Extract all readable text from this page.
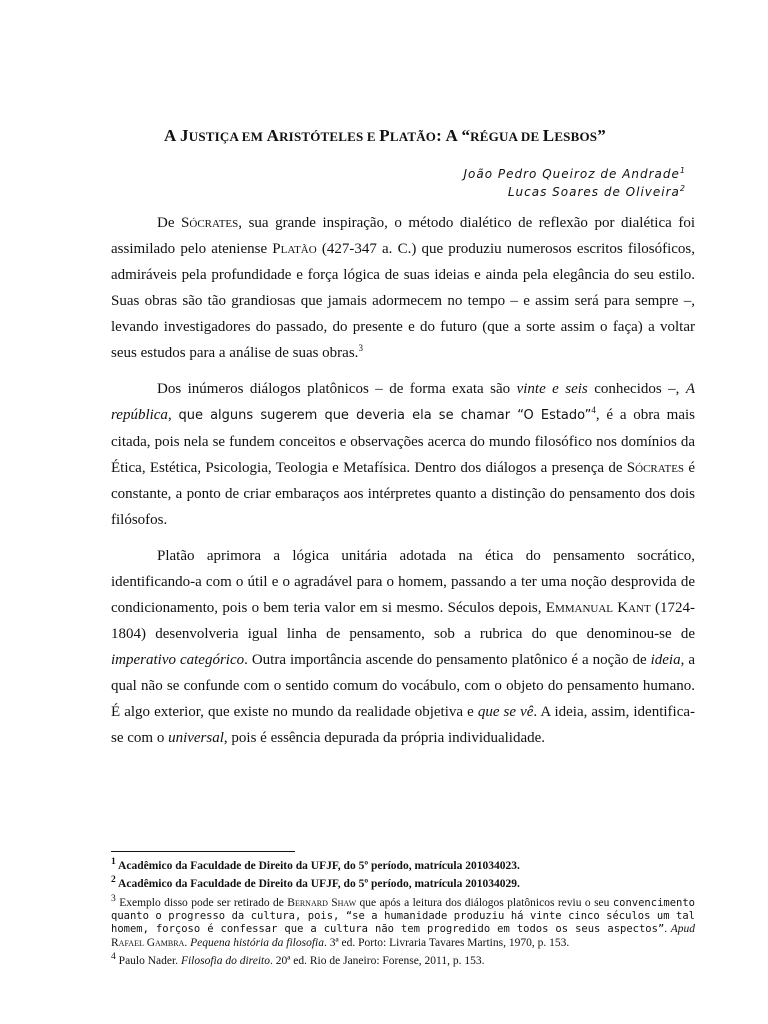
A JUSTIÇA EM ARISTÓTELES E PLATÃO: A “RÉGUA DE LESBOS”
João Pedro Queiroz de Andrade$^1$
Lucas Soares de Oliveira$^2$

De Sócrates, sua grande inspiração, o método dialético de reflexão por dialética foi assimilado pelo ateniense Platão (427-347 a. C.) que produziu numerosos escritos filosóficos, admiráveis pela profundidade e força lógica de suas ideias e ainda pela elegância do seu estilo. Suas obras são tão grandiosas que jamais adormecem no tempo – e assim será para sempre –, levando investigadores do passado, do presente e do futuro (que a sorte assim o faça) a voltar seus estudos para a análise de suas obras.$^3$

Dos inúmeros diálogos platônicos – de forma exata são vinte e seis conhecidos –, A república, que alguns sugerem que deveria ela se chamar “O Estado”$^4$, é a obra mais citada, pois nela se fundem conceitos e observações acerca do mundo filosófico nos domínios da Ética, Estética, Psicologia, Teologia e Metafísica. Dentro dos diálogos a presença de Sócrates é constante, a ponto de criar embaraços aos intérpretes quanto a distinção do pensamento dos dois filósofos.

Platão aprimora a lógica unitária adotada na ética do pensamento socrático, identificando-a com o útil e o agradável para o homem, passando a ter uma noção desprovida de condicionamento, pois o bem teria valor em si mesmo. Séculos depois, Emmanual Kant (1724-1804) desenvolveria igual linha de pensamento, sob a rubrica do que denominou-se de imperativo categórico. Outra importância ascende do pensamento platônico é a noção de ideia, a qual não se confunde com o sentido comum do vocábulo, com o objeto do pensamento humano. É algo exterior, que existe no mundo da realidade objetiva e que se vê. A ideia, assim, identifica-se com o universal, pois é essência depurada da própria individualidade.

$^1$ Acadêmico da Faculdade de Direito da UFJF, do 5º período, matrícula 201034023.
$^2$ Acadêmico da Faculdade de Direito da UFJF, do 5º período, matrícula 201034029.
$^3$ Exemplo disso pode ser retirado de Bernard Shaw que após a leitura dos diálogos platônicos reviu o seu convencimento quanto o progresso da cultura, pois, “se a humanidade produziu há vinte cinco séculos um tal homem, forçoso é confessar que a cultura não tem progredido em todos os seus aspectos”. Apud Rafael Gambra. Pequena história da filosofia. 3ª ed. Porto: Livraria Tavares Martins, 1970, p. 153.
$^4$ Paulo Nader. Filosofia do direito. 20ª ed. Rio de Janeiro: Forense, 2011, p. 153.
